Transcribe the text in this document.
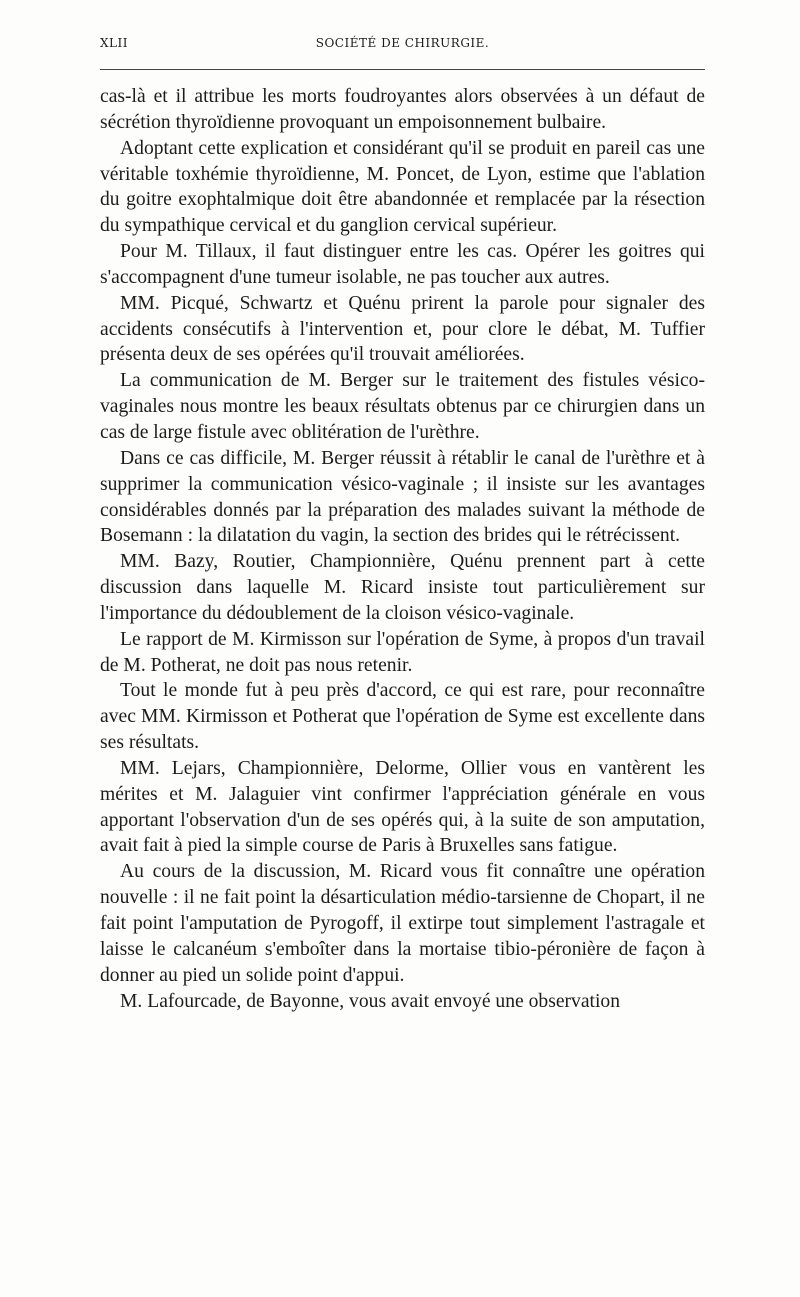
XLII	SOCIÉTÉ DE CHIRURGIE.

cas-là et il attribue les morts foudroyantes alors observées à un défaut de sécrétion thyroïdienne provoquant un empoisonnement bulbaire.

Adoptant cette explication et considérant qu'il se produit en pareil cas une véritable toxhémie thyroïdienne, M. Poncet, de Lyon, estime que l'ablation du goitre exophtalmique doit être abandonnée et remplacée par la résection du sympathique cervical et du ganglion cervical supérieur.

Pour M. Tillaux, il faut distinguer entre les cas. Opérer les goitres qui s'accompagnent d'une tumeur isolable, ne pas toucher aux autres.

MM. Picqué, Schwartz et Quénu prirent la parole pour signaler des accidents consécutifs à l'intervention et, pour clore le débat, M. Tuffier présenta deux de ses opérées qu'il trouvait améliorées.

La communication de M. Berger sur le traitement des fistules vésico-vaginales nous montre les beaux résultats obtenus par ce chirurgien dans un cas de large fistule avec oblitération de l'urèthre.

Dans ce cas difficile, M. Berger réussit à rétablir le canal de l'urèthre et à supprimer la communication vésico-vaginale ; il insiste sur les avantages considérables donnés par la préparation des malades suivant la méthode de Bosemann : la dilatation du vagin, la section des brides qui le rétrécissent.

MM. Bazy, Routier, Championnière, Quénu prennent part à cette discussion dans laquelle M. Ricard insiste tout particulièrement sur l'importance du dédoublement de la cloison vésico-vaginale.

Le rapport de M. Kirmisson sur l'opération de Syme, à propos d'un travail de M. Potherat, ne doit pas nous retenir.

Tout le monde fut à peu près d'accord, ce qui est rare, pour reconnaître avec MM. Kirmisson et Potherat que l'opération de Syme est excellente dans ses résultats.

MM. Lejars, Championnière, Delorme, Ollier vous en vantèrent les mérites et M. Jalaguier vint confirmer l'appréciation générale en vous apportant l'observation d'un de ses opérés qui, à la suite de son amputation, avait fait à pied la simple course de Paris à Bruxelles sans fatigue.

Au cours de la discussion, M. Ricard vous fit connaître une opération nouvelle : il ne fait point la désarticulation médio-tarsienne de Chopart, il ne fait point l'amputation de Pyrogoff, il extirpe tout simplement l'astragale et laisse le calcanéum s'emboîter dans la mortaise tibio-péronière de façon à donner au pied un solide point d'appui.

M. Lafourcade, de Bayonne, vous avait envoyé une observation
